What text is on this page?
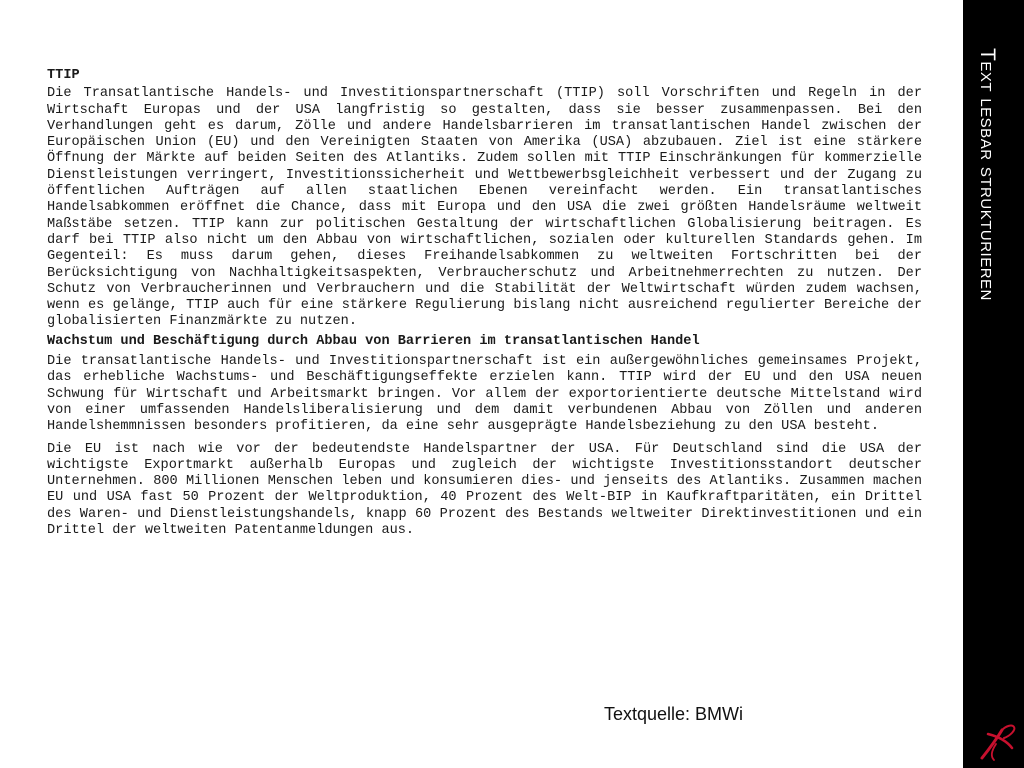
TTIP

Die Transatlantische Handels- und Investitionspartnerschaft (TTIP) soll Vorschriften und Regeln in der Wirtschaft Europas und der USA langfristig so gestalten, dass sie besser zusammenpassen. Bei den Verhandlungen geht es darum, Zölle und andere Handelsbarrieren im transatlantischen Handel zwischen der Europäischen Union (EU) und den Vereinigten Staaten von Amerika (USA) abzubauen. Ziel ist eine stärkere Öffnung der Märkte auf beiden Seiten des Atlantiks. Zudem sollen mit TTIP Einschränkungen für kommerzielle Dienstleistungen verringert, Investitionssicherheit und Wettbewerbsgleichheit verbessert und der Zugang zu öffentlichen Aufträgen auf allen staatlichen Ebenen vereinfacht werden. Ein transatlantisches Handelsabkommen eröffnet die Chance, dass mit Europa und den USA die zwei größten Handelsräume weltweit Maßstäbe setzen. TTIP kann zur politischen Gestaltung der wirtschaftlichen Globalisierung beitragen. Es darf bei TTIP also nicht um den Abbau von wirtschaftlichen, sozialen oder kulturellen Standards gehen. Im Gegenteil: Es muss darum gehen, dieses Freihandelsabkommen zu weltweiten Fortschritten bei der Berücksichtigung von Nachhaltigkeitsaspekten, Verbraucherschutz und Arbeitnehmerrechten zu nutzen. Der Schutz von Verbraucherinnen und Verbrauchern und die Stabilität der Weltwirtschaft würden zudem wachsen, wenn es gelänge, TTIP auch für eine stärkere Regulierung bislang nicht ausreichend regulierter Bereiche der globalisierten Finanzmärkte zu nutzen.

Wachstum und Beschäftigung durch Abbau von Barrieren im transatlantischen Handel

Die transatlantische Handels- und Investitionspartnerschaft ist ein außergewöhnliches gemeinsames Projekt, das erhebliche Wachstums- und Beschäftigungseffekte erzielen kann. TTIP wird der EU und den USA neuen Schwung für Wirtschaft und Arbeitsmarkt bringen. Vor allem der exportorientierte deutsche Mittelstand wird von einer umfassenden Handelsliberalisierung und dem damit verbundenen Abbau von Zöllen und anderen Handelshemmnissen besonders profitieren, da eine sehr ausgeprägte Handelsbeziehung zu den USA besteht.

Die EU ist nach wie vor der bedeutendste Handelspartner der USA. Für Deutschland sind die USA der wichtigste Exportmarkt außerhalb Europas und zugleich der wichtigste Investitionsstandort deutscher Unternehmen. 800 Millionen Menschen leben und konsumieren dies- und jenseits des Atlantiks. Zusammen machen EU und USA fast 50 Prozent der Weltproduktion, 40 Prozent des Welt-BIP in Kaufkraftparitäten, ein Drittel des Waren- und Dienstleistungshandels, knapp 60 Prozent des Bestands weltweiter Direktinvestitionen und ein Drittel der weltweiten Patentanmeldungen aus.

Textquelle: BMWi
Text lesbar strukturieren
